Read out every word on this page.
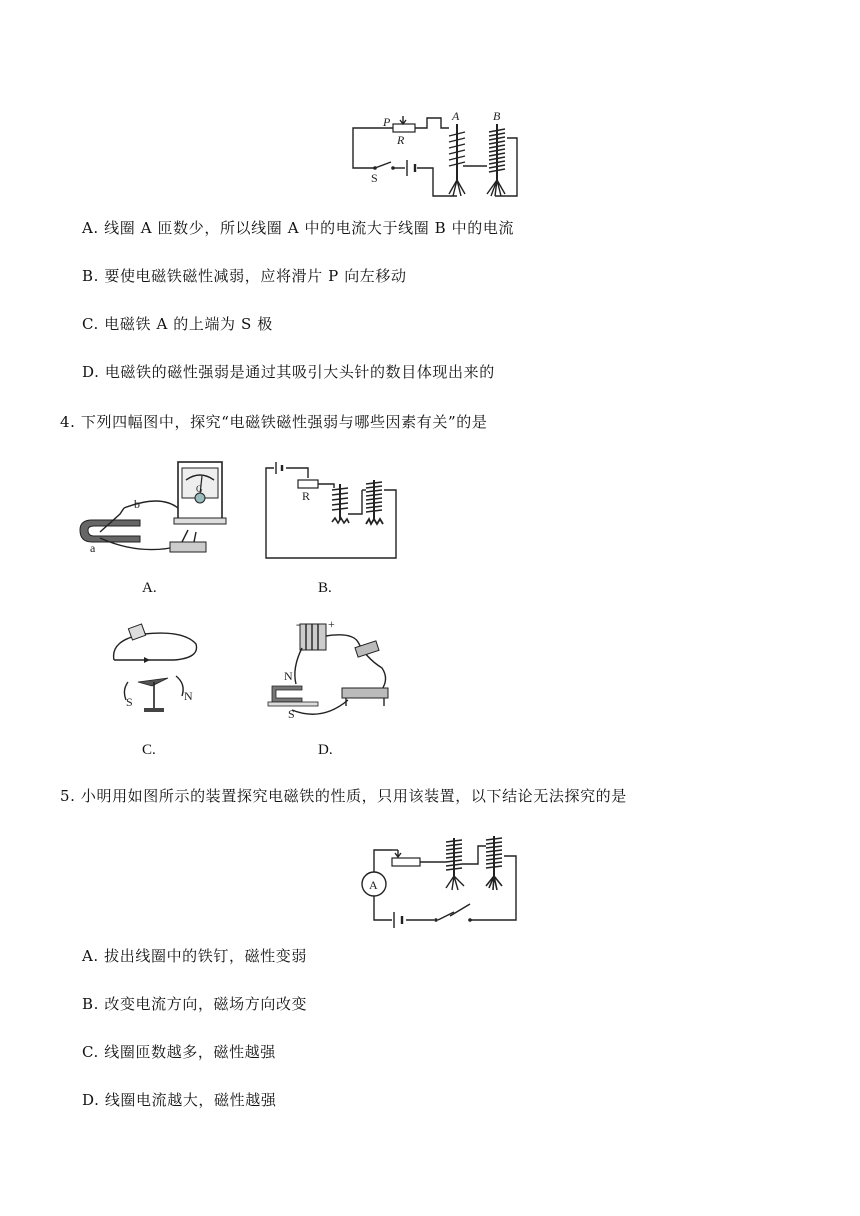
P
R
A	B
S
A. 线圈 A 匝数少，所以线圈 A 中的电流大于线圈 B 中的电流
B. 要使电磁铁磁性减弱，应将滑片 P 向左移动
C. 电磁铁 A 的上端为 S 极
D. 电磁铁的磁性强弱是通过其吸引大头针的数目体现出来的
4. 下列四幅图中，探究“电磁铁磁性强弱与哪些因素有关”的是
G
b
a
A.
R
B.
S	N
C.
- +
N
S
D.
5. 小明用如图所示的装置探究电磁铁的性质，只用该装置，以下结论无法探究的是
A
A. 拔出线圈中的铁钉，磁性变弱
B. 改变电流方向，磁场方向改变
C. 线圈匝数越多，磁性越强
D. 线圈电流越大，磁性越强
